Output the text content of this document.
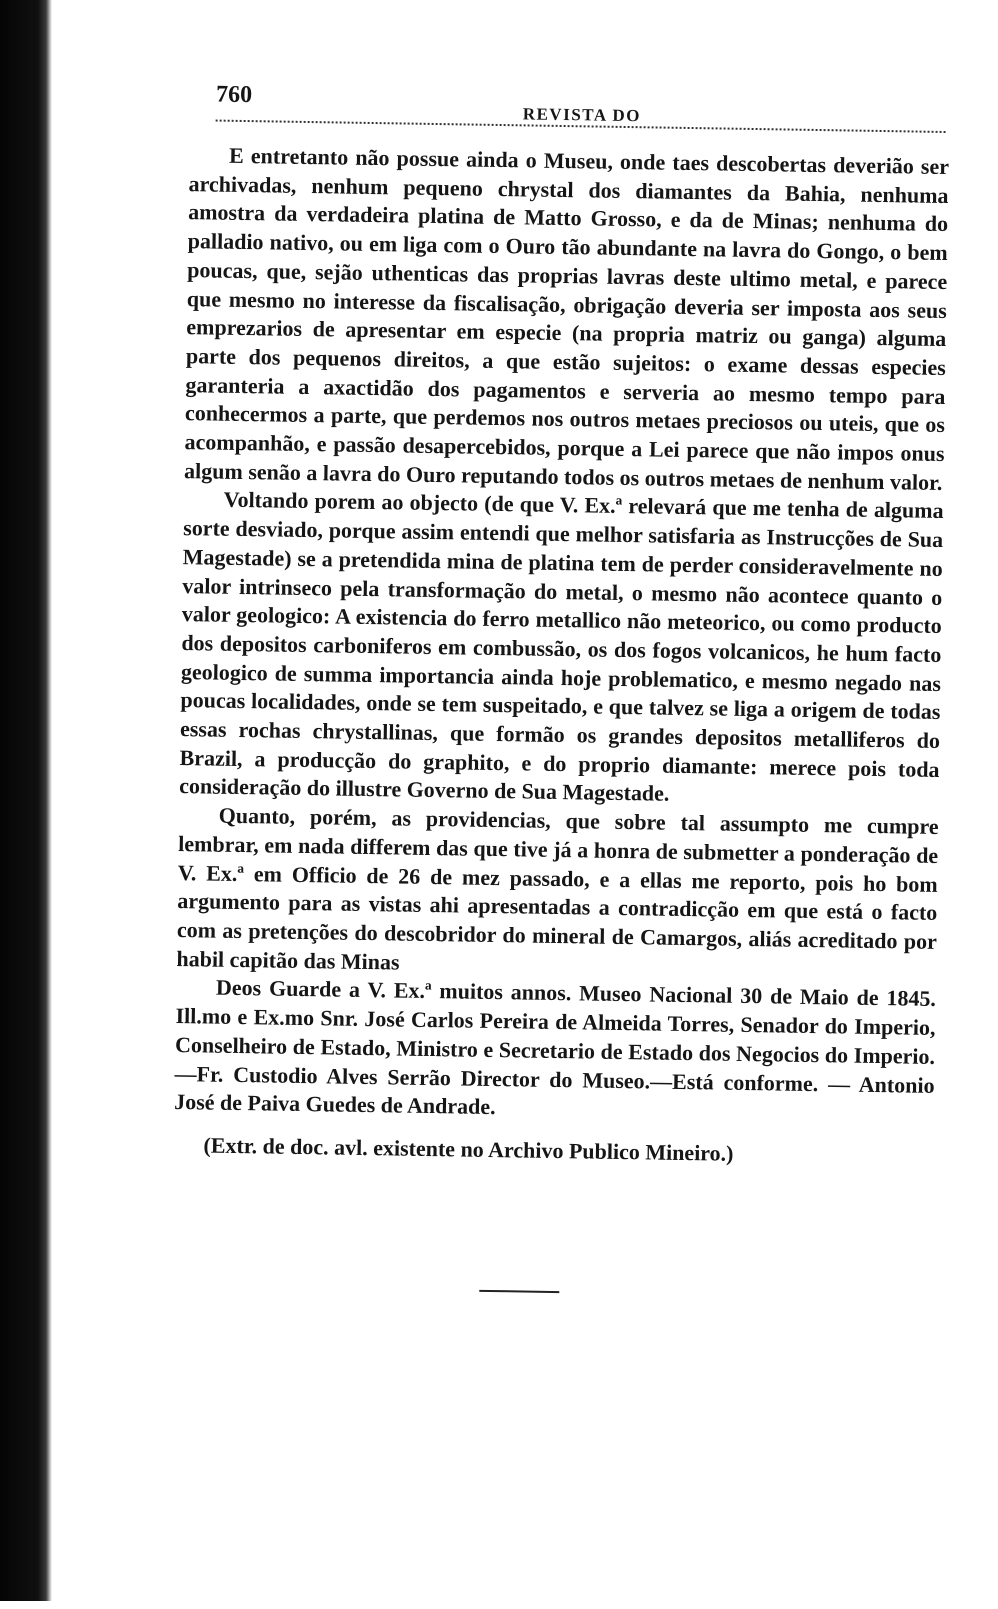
760
REVISTA DO

E entretanto não possue ainda o Museu, onde taes descobertas deverião ser archivadas, nenhum pequeno chrystal dos diamantes da Bahia, nenhuma amostra da verdadeira platina de Matto Grosso, e da de Minas; nenhuma do palladio nativo, ou em liga com o Ouro tão abundante na lavra do Gongo, o bem poucas, que, sejão uthenticas das proprias lavras deste ultimo metal, e parece que mesmo no interesse da fiscalisação, obrigação deveria ser imposta aos seus emprezarios de apresentar em especie (na propria matriz ou ganga) alguma parte dos pequenos direitos, a que estão sujeitos: o exame dessas especies garanteria a axactidão dos pagamentos e serveria ao mesmo tempo para conhecermos a parte, que perdemos nos outros metaes preciosos ou uteis, que os acompanhão, e passão desapercebidos, porque a Lei parece que não impos onus algum senão a lavra do Ouro reputando todos os outros metaes de nenhum valor.

Voltando porem ao objecto (de que V. Ex.ª relevará que me tenha de alguma sorte desviado, porque assim entendi que melhor satisfaria as Instrucções de Sua Magestade) se a pretendida mina de platina tem de perder consideravelmente no valor intrinseco pela transformação do metal, o mesmo não acontece quanto o valor geologico: A existencia do ferro metallico não meteorico, ou como producto dos depositos carboniferos em combussão, os dos fogos volcanicos, he hum facto geologico de summa importancia ainda hoje problematico, e mesmo negado nas poucas localidades, onde se tem suspeitado, e que talvez se liga a origem de todas essas rochas chrystallinas, que formão os grandes depositos metalliferos do Brazil, a producção do graphito, e do proprio diamante: merece pois toda consideração do illustre Governo de Sua Magestade.

Quanto, porém, as providencias, que sobre tal assumpto me cumpre lembrar, em nada differem das que tive já a honra de submetter a ponderação de V. Ex.ª em Officio de 26 de mez passado, e a ellas me reporto, pois ho bom argumento para as vistas ahi apresentadas a contradicção em que está o facto com as pretenções do descobridor do mineral de Camargos, aliás acreditado por habil capitão das Minas

Deos Guarde a V. Ex.ª muitos annos. Museo Nacional 30 de Maio de 1845. Ill.mo e Ex.mo Snr. José Carlos Pereira de Almeida Torres, Senador do Imperio, Conselheiro de Estado, Ministro e Secretario de Estado dos Negocios do Imperio.—Fr. Custodio Alves Serrão Director do Museo.—Está conforme. — Antonio José de Paiva Guedes de Andrade.

(Extr. de doc. avl. existente no Archivo Publico Mineiro.)
